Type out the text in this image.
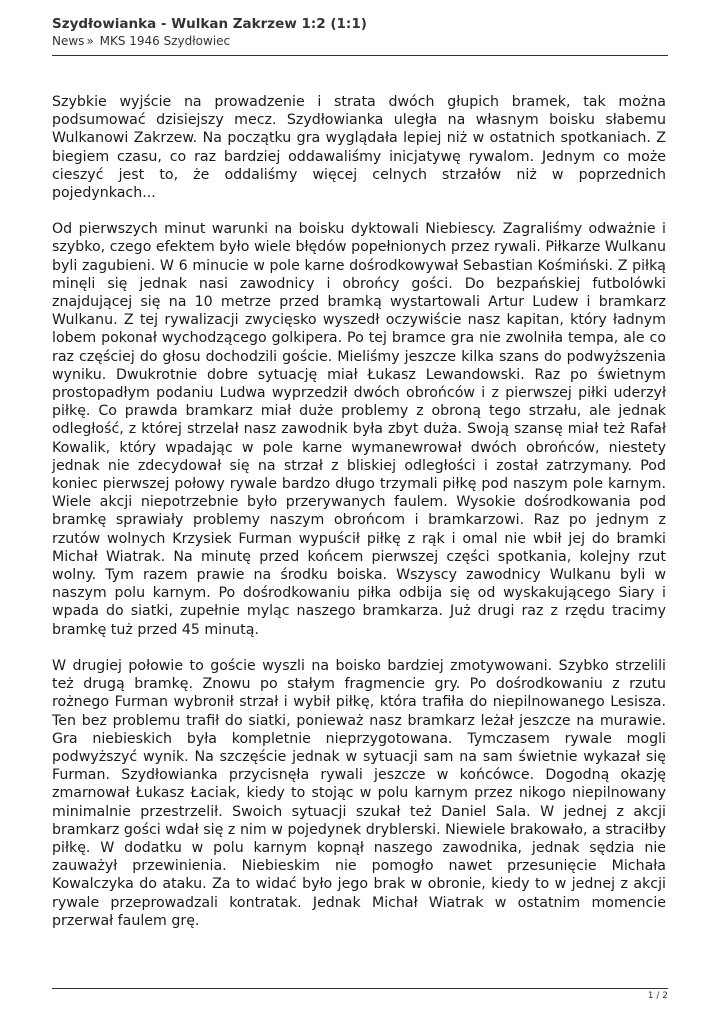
Szydłowianka - Wulkan Zakrzew 1:2 (1:1)
News » MKS 1946 Szydłowiec

Szybkie wyjście na prowadzenie i strata dwóch głupich bramek, tak można podsumować dzisiejszy mecz. Szydłowianka uległa na własnym boisku słabemu Wulkanowi Zakrzew. Na początku gra wyglądała lepiej niż w ostatnich spotkaniach. Z biegiem czasu, co raz bardziej oddawaliśmy inicjatywę rywalom. Jednym co może cieszyć jest to, że oddaliśmy więcej celnych strzałów niż w poprzednich pojedynkach...

Od pierwszych minut warunki na boisku dyktowali Niebiescy. Zagraliśmy odważnie i szybko, czego efektem było wiele błędów popełnionych przez rywali. Piłkarze Wulkanu byli zagubieni. W 6 minucie w pole karne dośrodkowywał Sebastian Kośmiński. Z piłką minęli się jednak nasi zawodnicy i obrońcy gości. Do bezpańskiej futbolówki znajdującej się na 10 metrze przed bramką wystartowali Artur Ludew i bramkarz Wulkanu. Z tej rywalizacji zwycięsko wyszedł oczywiście nasz kapitan, który ładnym lobem pokonał wychodzącego golkipera. Po tej bramce gra nie zwolniła tempa, ale co raz częściej do głosu dochodzili goście. Mieliśmy jeszcze kilka szans do podwyższenia wyniku. Dwukrotnie dobre sytuację miał Łukasz Lewandowski. Raz po świetnym prostopadłym podaniu Ludwa wyprzedził dwóch obrońców i z pierwszej piłki uderzył piłkę. Co prawda bramkarz miał duże problemy z obroną tego strzału, ale jednak odległość, z której strzelał nasz zawodnik była zbyt duża. Swoją szansę miał też Rafał Kowalik, który wpadając w pole karne wymanewrował dwóch obrońców, niestety jednak nie zdecydował się na strzał z bliskiej odległości i został zatrzymany. Pod koniec pierwszej połowy rywale bardzo długo trzymali piłkę pod naszym pole karnym. Wiele akcji niepotrzebnie było przerywanych faulem. Wysokie dośrodkowania pod bramkę sprawiały problemy naszym obrońcom i bramkarzowi. Raz po jednym z rzutów wolnych Krzysiek Furman wypuścił piłkę z rąk i omal nie wbił jej do bramki Michał Wiatrak. Na minutę przed końcem pierwszej części spotkania, kolejny rzut wolny. Tym razem prawie na środku boiska. Wszyscy zawodnicy Wulkanu byli w naszym polu karnym. Po dośrodkowaniu piłka odbija się od wyskakującego Siary i wpada do siatki, zupełnie myląc naszego bramkarza. Już drugi raz z rzędu tracimy bramkę tuż przed 45 minutą.

W drugiej połowie to goście wyszli na boisko bardziej zmotywowani. Szybko strzelili też drugą bramkę. Znowu po stałym fragmencie gry. Po dośrodkowaniu z rzutu rożnego Furman wybronił strzał i wybił piłkę, która trafiła do niepilnowanego Lesisza. Ten bez problemu trafił do siatki, ponieważ nasz bramkarz leżał jeszcze na murawie. Gra niebieskich była kompletnie nieprzygotowana. Tymczasem rywale mogli podwyższyć wynik. Na szczęście jednak w sytuacji sam na sam świetnie wykazał się Furman. Szydłowianka przycisnęła rywali jeszcze w końcówce. Dogodną okazję zmarnował Łukasz Łaciak, kiedy to stojąc w polu karnym przez nikogo niepilnowany minimalnie przestrzelił. Swoich sytuacji szukał też Daniel Sala. W jednej z akcji bramkarz gości wdał się z nim w pojedynek dryblerski. Niewiele brakowało, a straciłby piłkę. W dodatku w polu karnym kopnął naszego zawodnika, jednak sędzia nie zauważył przewinienia. Niebieskim nie pomogło nawet przesunięcie Michała Kowalczyka do ataku. Za to widać było jego brak w obronie, kiedy to w jednej z akcji rywale przeprowadzali kontratak. Jednak Michał Wiatrak w ostatnim momencie przerwał faulem grę.

1 / 2
